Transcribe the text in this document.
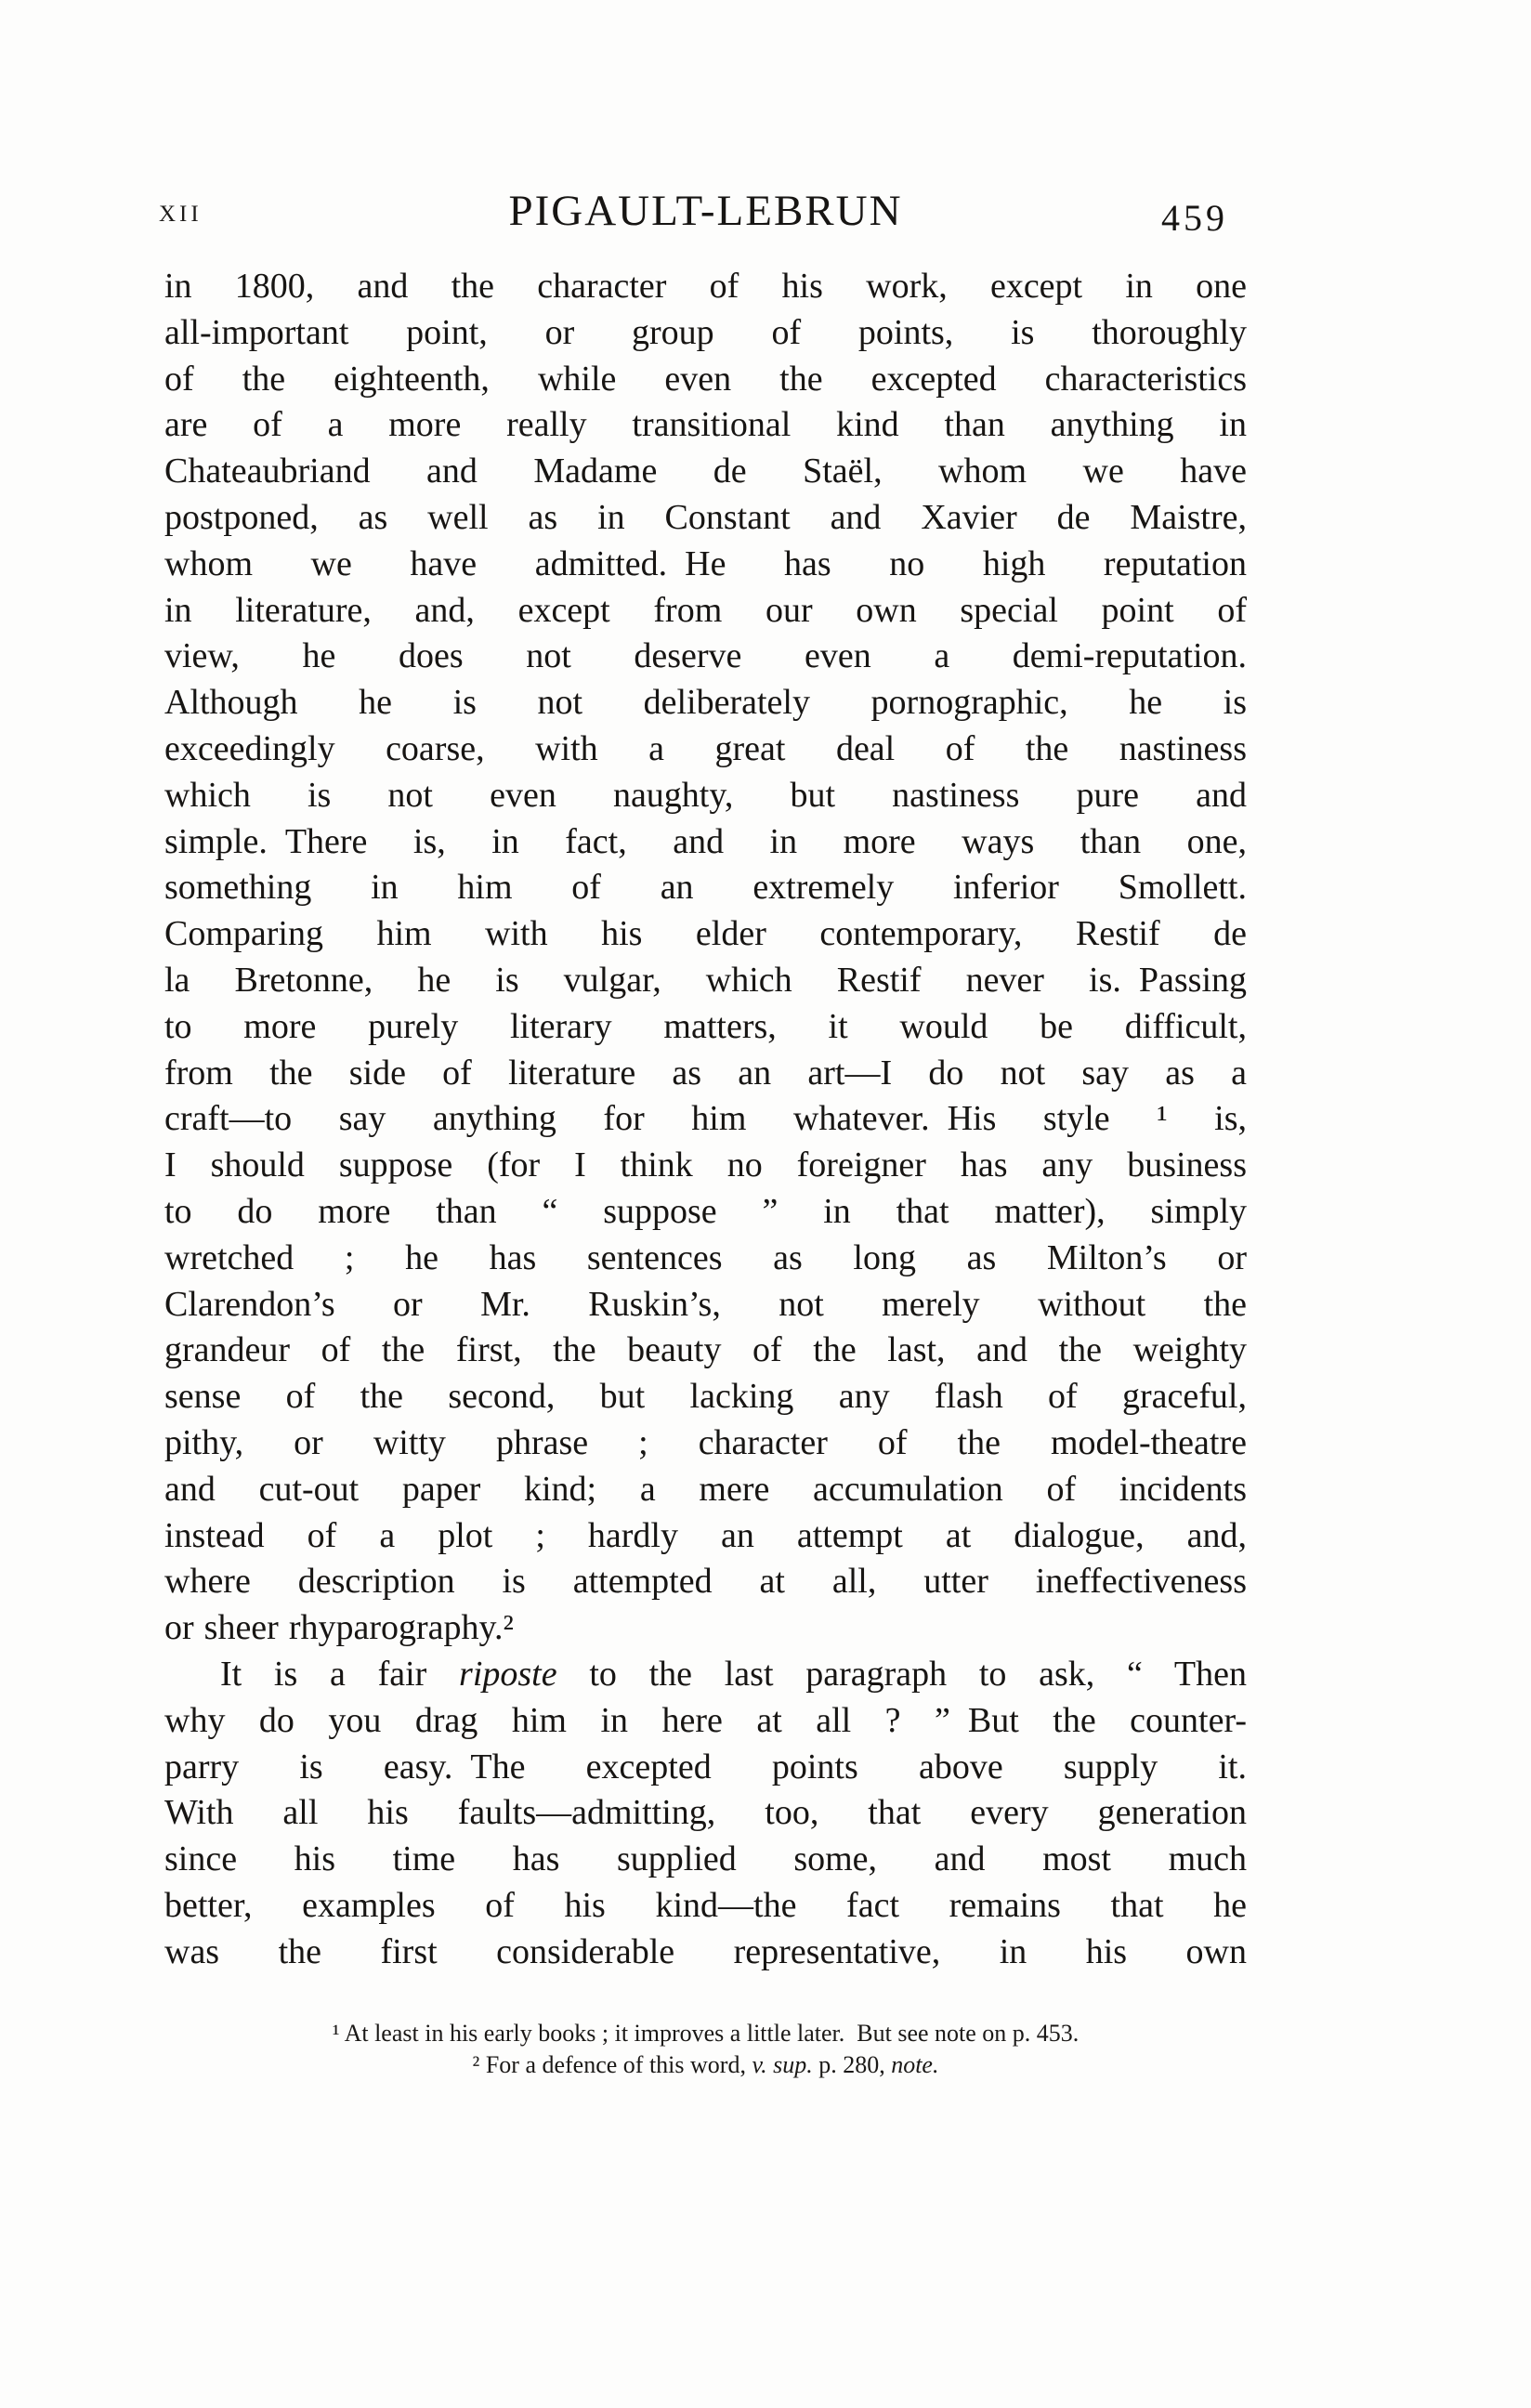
XII	PIGAULT-LEBRUN	459
in 1800, and the character of his work, except in one
all-important point, or group of points, is thoroughly
of the eighteenth, while even the excepted characteristics
are of a more really transitional kind than anything in
Chateaubriand and Madame de Staël, whom we have
postponed, as well as in Constant and Xavier de Maistre,
whom we have admitted. He has no high reputation
in literature, and, except from our own special point of
view, he does not deserve even a demi-reputation.
Although he is not deliberately pornographic, he is
exceedingly coarse, with a great deal of the nastiness
which is not even naughty, but nastiness pure and
simple. There is, in fact, and in more ways than one,
something in him of an extremely inferior Smollett.
Comparing him with his elder contemporary, Restif de
la Bretonne, he is vulgar, which Restif never is. Passing
to more purely literary matters, it would be difficult,
from the side of literature as an art—I do not say as a
craft—to say anything for him whatever. His style ¹ is,
I should suppose (for I think no foreigner has any business
to do more than “ suppose ” in that matter), simply
wretched ; he has sentences as long as Milton’s or
Clarendon’s or Mr. Ruskin’s, not merely without the
grandeur of the first, the beauty of the last, and the weighty
sense of the second, but lacking any flash of graceful,
pithy, or witty phrase ; character of the model-theatre
and cut-out paper kind; a mere accumulation of incidents
instead of a plot ; hardly an attempt at dialogue, and,
where description is attempted at all, utter ineffectiveness
or sheer rhyparography.²
It is a fair riposte to the last paragraph to ask, “ Then
why do you drag him in here at all ? ” But the counter-
parry is easy. The excepted points above supply it.
With all his faults—admitting, too, that every generation
since his time has supplied some, and most much
better, examples of his kind—the fact remains that he
was the first considerable representative, in his own
¹ At least in his early books ; it improves a little later. But see note on p. 453.
² For a defence of this word, v. sup. p. 280, note.
